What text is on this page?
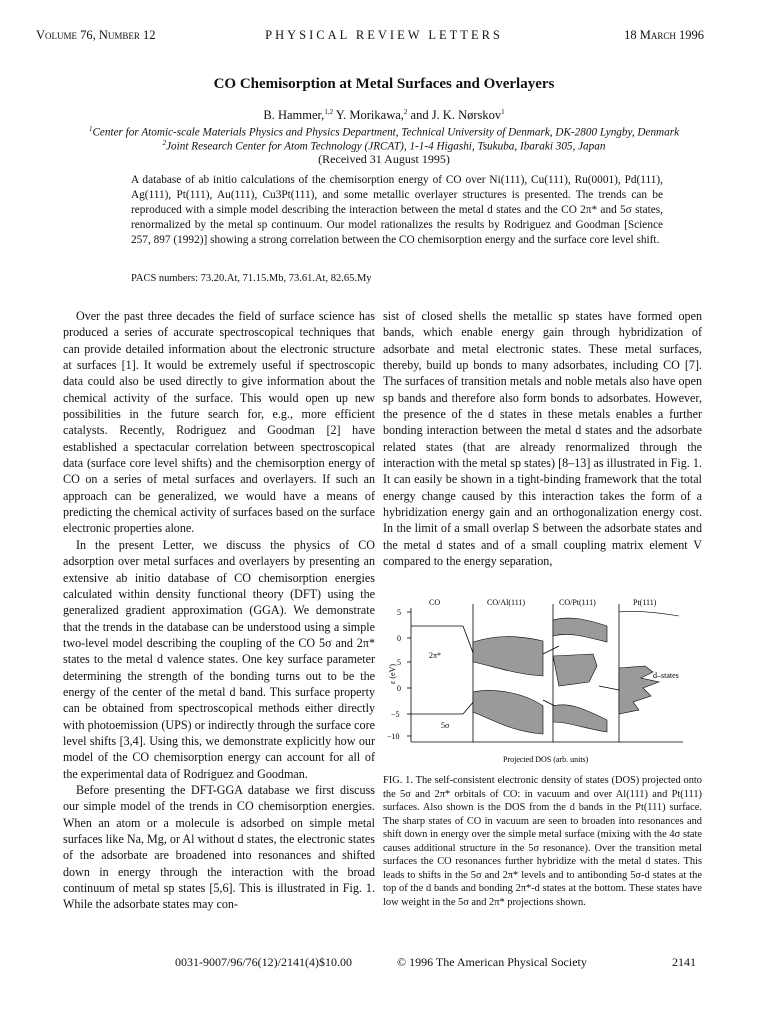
Volume 76, Number 12	PHYSICAL REVIEW LETTERS	18 March 1996
CO Chemisorption at Metal Surfaces and Overlayers
B. Hammer,$^{1,2}$ Y. Morikawa,$^2$ and J. K. Nørskov$^1$
$^1$Center for Atomic-scale Materials Physics and Physics Department, Technical University of Denmark, DK-2800 Lyngby, Denmark
$^2$Joint Research Center for Atom Technology (JRCAT), 1-1-4 Higashi, Tsukuba, Ibaraki 305, Japan
(Received 31 August 1995)
A database of ab initio calculations of the chemisorption energy of CO over Ni(111), Cu(111), Ru(0001), Pd(111), Ag(111), Pt(111), Au(111), Cu3Pt(111), and some metallic overlayer structures is presented. The trends can be reproduced with a simple model describing the interaction between the metal d states and the CO 2π* and 5σ states, renormalized by the metal sp continuum. Our model rationalizes the results by Rodriguez and Goodman [Science 257, 897 (1992)] showing a strong correlation between the CO chemisorption energy and the surface core level shift.
PACS numbers: 73.20.At, 71.15.Mb, 73.61.At, 82.65.My

Over the past three decades the field of surface science has produced a series of accurate spectroscopical techniques that can provide detailed information about the electronic structure at surfaces [1]. It would be extremely useful if spectroscopic data could also be used directly to give information about the chemical activity of the surface. This would open up new possibilities in the future search for, e.g., more efficient catalysts. Recently, Rodriguez and Goodman [2] have established a spectacular correlation between spectroscopical data (surface core level shifts) and the chemisorption energy of CO on a series of metal surfaces and overlayers. If such an approach can be generalized, we would have a means of predicting the chemical activity of surfaces based on the surface electronic properties alone.

In the present Letter, we discuss the physics of CO adsorption over metal surfaces and overlayers by presenting an extensive ab initio database of CO chemisorption energies calculated within density functional theory (DFT) using the generalized gradient approximation (GGA). We demonstrate that the trends in the database can be understood using a simple two-level model describing the coupling of the CO 5σ and 2π* states to the metal d valence states. One key surface parameter determining the strength of the bonding turns out to be the energy of the center of the metal d band. This surface property can be obtained from spectroscopical methods either directly with photoemission (UPS) or indirectly through the surface core level shifts [3,4]. Using this, we demonstrate explicitly how our model of the CO chemisorption energy can account for all of the experimental data of Rodriguez and Goodman.

Before presenting the DFT-GGA database we first discuss our simple model of the trends in CO chemisorption energies. When an atom or a molecule is adsorbed on simple metal surfaces like Na, Mg, or Al without d states, the electronic states of the adsorbate are broadened into resonances and shifted down in energy through the interaction with the broad continuum of metal sp states [5,6]. This is illustrated in Fig. 1. While the adsorbate states may con-

sist of closed shells the metallic sp states have formed open bands, which enable energy gain through hybridization of adsorbate and metal electronic states. These metal surfaces, thereby, build up bonds to many adsorbates, including CO [7]. The surfaces of transition metals and noble metals also have open sp bands and therefore also form bonds to adsorbates. However, the presence of the d states in these metals enables a further bonding interaction between the metal d states and the adsorbate related states (that are already renormalized through the interaction with the metal sp states) [8–13] as illustrated in Fig. 1. It can easily be shown in a tight-binding framework that the total energy change caused by this interaction takes the form of a hybridization energy gain and an orthogonalization energy cost. In the limit of a small overlap S between the adsorbate states and the metal d states and of a small coupling matrix element V compared to the energy separation,

CO	CO/Al(111)	CO/Pt(111)	Pt(111)
ε (eV)
5
0
−5
−10
5
0
2π*
5σ
d–states
Projected DOS (arb. units)
FIG. 1. The self-consistent electronic density of states (DOS) projected onto the 5σ and 2π* orbitals of CO: in vacuum and over Al(111) and Pt(111) surfaces. Also shown is the DOS from the d bands in the Pt(111) surface. The sharp states of CO in vacuum are seen to broaden into resonances and shift down in energy over the simple metal surface (mixing with the 4σ state causes additional structure in the 5σ resonance). Over the transition metal surfaces the CO resonances further hybridize with the metal d states. This leads to shifts in the 5σ and 2π* levels and to antibonding 5σ-d states at the top of the d bands and bonding 2π*-d states at the bottom. These states have low weight in the 5σ and 2π* projections shown.
0031-9007/96/76(12)/2141(4)$10.00	© 1996 The American Physical Society	2141
